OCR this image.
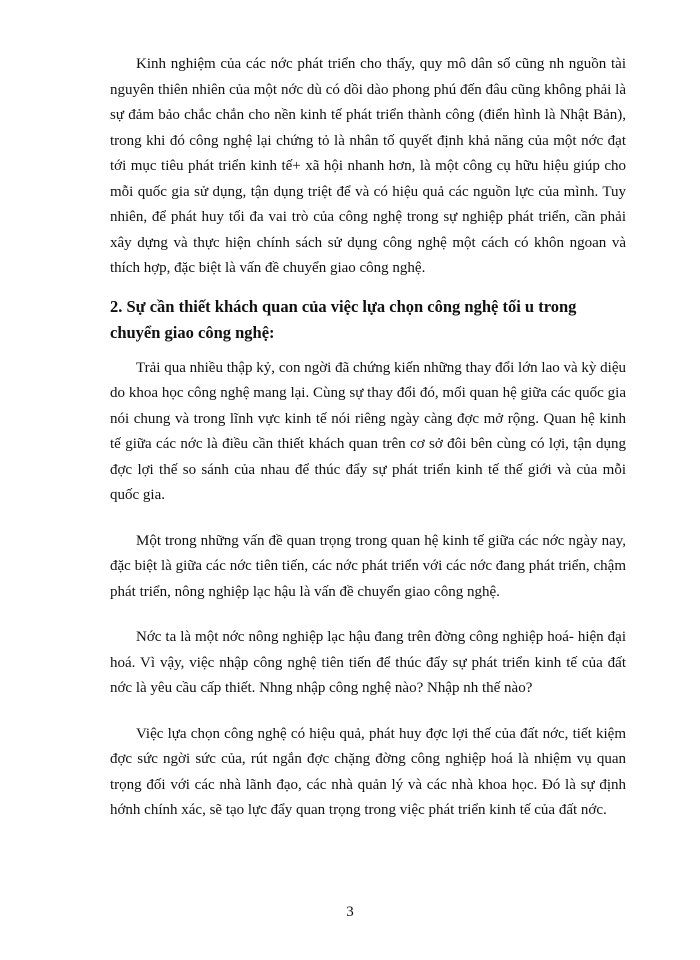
Kinh nghiệm của các nớc phát triển cho thấy, quy mô dân số cũng nh nguồn tài nguyên thiên nhiên của một nớc dù có dồi dào phong phú đến đâu cũng không phải là sự đảm bảo chắc chắn cho nền kinh tế phát triển thành công (điển hình là Nhật Bản), trong khi đó công nghệ lại chứng tỏ là nhân tố quyết định khả năng của một nớc đạt tới mục tiêu phát triển kinh tế+ xã hội nhanh hơn, là một công cụ hữu hiệu giúp cho mỗi quốc gia sử dụng, tận dụng triệt để và có hiệu quả các nguồn lực của mình. Tuy nhiên, để phát huy tối đa vai trò của công nghệ trong sự nghiệp phát triển, cần phải xây dựng và thực hiện chính sách sử dụng công nghệ một cách có khôn ngoan và thích hợp, đặc biệt là vấn đề chuyển giao công nghệ.

2. Sự cần thiết khách quan của việc lựa chọn công nghệ tối u trong chuyển giao công nghệ:

Trải qua nhiều thập kỷ, con ngời đã chứng kiến những thay đổi lớn lao và kỳ diệu do khoa học công nghệ mang lại. Cùng sự thay đổi đó, mối quan hệ giữa các quốc gia nói chung và trong lĩnh vực kinh tế nói riêng ngày càng đợc mở rộng. Quan hệ kinh tế giữa các nớc là điều cần thiết khách quan trên cơ sở đôi bên cùng có lợi, tận dụng đợc lợi thế so sánh của nhau để thúc đẩy sự phát triển kinh tế thế giới và của mỗi quốc gia.

Một trong những vấn đề quan trọng trong quan hệ kinh tế giữa các nớc ngày nay, đặc biệt là giữa các nớc tiên tiến, các nớc phát triển với các nớc đang phát triển, chậm phát triển, nông nghiệp lạc hậu là vấn đề chuyển giao công nghệ.

Nớc ta là một nớc nông nghiệp lạc hậu đang trên đờng công nghiệp hoá- hiện đại hoá. Vì vậy, việc nhập công nghệ tiên tiến để thúc đẩy sự phát triển kinh tế của đất nớc là yêu cầu cấp thiết. Nhng nhập công nghệ nào? Nhập nh thế nào?

Việc lựa chọn công nghệ có hiệu quả, phát huy đợc lợi thế của đất nớc, tiết kiệm đợc sức ngời sức của, rút ngắn đợc chặng đờng công nghiệp hoá là nhiệm vụ quan trọng đối với các nhà lãnh đạo, các nhà quản lý và các nhà khoa học. Đó là sự định hớnh chính xác, sẽ tạo lực đẩy quan trọng trong việc phát triển kinh tế của đất nớc.

3
